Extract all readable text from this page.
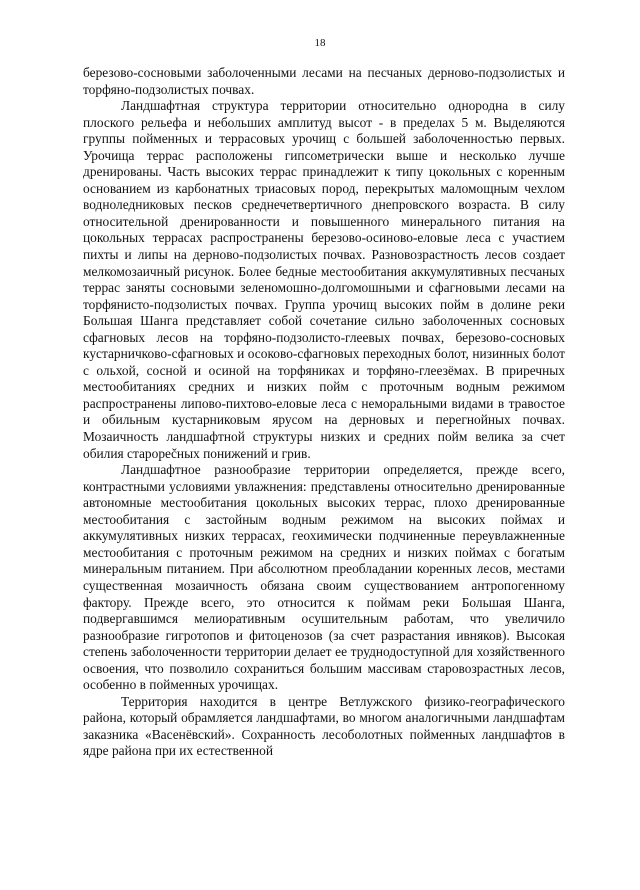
18

березово-сосновыми заболоченными лесами на песчаных дерново-подзолистых и торфяно-подзолистых почвах.

Ландшафтная структура территории относительно однородна в силу плоского рельефа и небольших амплитуд высот - в пределах 5 м. Выделяются группы пойменных и террасовых урочищ с большей заболоченностью первых. Урочища террас расположены гипсометрически выше и несколько лучше дренированы. Часть высоких террас принадлежит к типу цокольных с коренным основанием из карбонатных триасовых пород, перекрытых маломощным чехлом водноледниковых песков среднечетвертичного днепровского возраста. В силу относительной дренированности и повышенного минерального питания на цокольных террасах распространены березово-осиново-еловые леса с участием пихты и липы на дерново-подзолистых почвах. Разновозрастность лесов создает мелкомозаичный рисунок. Более бедные местообитания аккумулятивных песчаных террас заняты сосновыми зеленомошно-долгомошными и сфагновыми лесами на торфянисто-подзолистых почвах. Группа урочищ высоких пойм в долине реки Большая Шанга представляет собой сочетание сильно заболоченных сосновых сфагновых лесов на торфяно-подзолисто-глеевых почвах, березово-сосновых кустарничково-сфагновых и осоково-сфагновых переходных болот, низинных болот с ольхой, сосной и осиной на торфяниках и торфяно-глеезёмах. В приречных местообитаниях средних и низких пойм с проточным водным режимом распространены липово-пихтово-еловые леса с неморальными видами в травостое и обильным кустарниковым ярусом на дерновых и перегнойных почвах. Мозаичность ландшафтной структуры низких и средних пойм велика за счет обилия старорečных понижений и грив.

Ландшафтное разнообразие территории определяется, прежде всего, контрастными условиями увлажнения: представлены относительно дренированные автономные местообитания цокольных высоких террас, плохо дренированные местообитания с застойным водным режимом на высоких поймах и аккумулятивных низких террасах, геохимически подчиненные переувлажненные местообитания с проточным режимом на средних и низких поймах с богатым минеральным питанием. При абсолютном преобладании коренных лесов, местами существенная мозаичность обязана своим существованием антропогенному фактору. Прежде всего, это относится к поймам реки Большая Шанга, подвергавшимся мелиоративным осушительным работам, что увеличило разнообразие гигротопов и фитоценозов (за счет разрастания ивняков). Высокая степень заболоченности территории делает ее труднодоступной для хозяйственного освоения, что позволило сохраниться большим массивам старовозрастных лесов, особенно в пойменных урочищах.

Территория находится в центре Ветлужского физико-географического района, который обрамляется ландшафтами, во многом аналогичными ландшафтам заказника «Васенёвский». Сохранность лесоболотных пойменных ландшафтов в ядре района при их естественной
